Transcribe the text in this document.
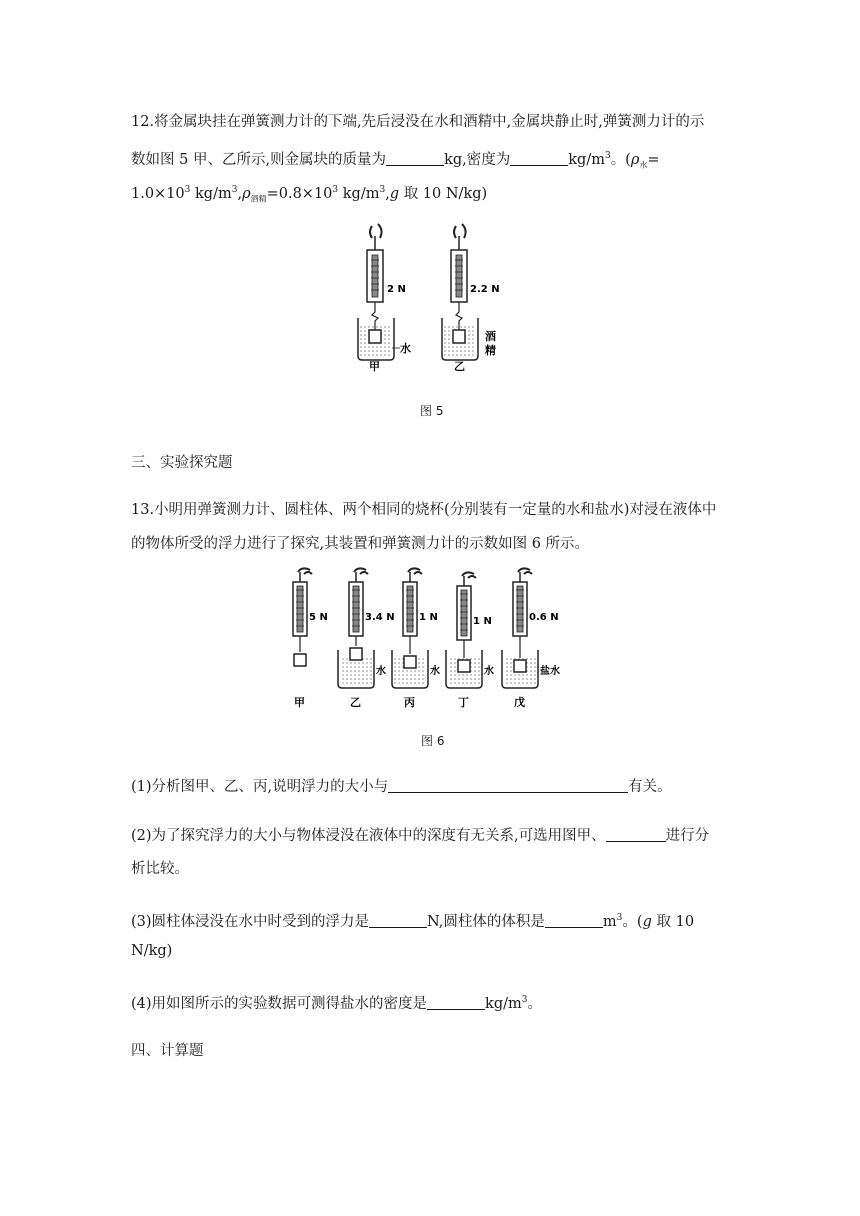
12.将金属块挂在弹簧测力计的下端,先后浸没在水和酒精中,金属块静止时,弹簧测力计的示
数如图 5 甲、乙所示,则金属块的质量为	kg,密度为	$kg/m^3$。($\rho_水=$
$1.0\times 10^3$ $kg/m^3,\rho_{酒精}=0.8\times 10^3$ $kg/m^3,g$ 取 10 N/kg)
2 N
水
甲
2.2 N
酒
精
乙
图 5
三、实验探究题
13.小明用弹簧测力计、圆柱体、两个相同的烧杯(分别装有一定量的水和盐水)对浸在液体中
的物体所受的浮力进行了探究,其装置和弹簧测力计的示数如图 6 所示。
5 N
甲
3.4 N
水
乙
1 N
水
丙
1 N
水
丁
0.6 N
盐水
戊
图 6
(1)分析图甲、乙、丙,说明浮力的大小与	有关。
(2)为了探究浮力的大小与物体浸没在液体中的深度有无关系,可选用图甲、	进行分
析比较。
(3)圆柱体浸没在水中时受到的浮力是	N,圆柱体的体积是	$m^3$。(g 取 10
N/kg)
(4)用如图所示的实验数据可测得盐水的密度是	$kg/m^3$。
四、计算题
